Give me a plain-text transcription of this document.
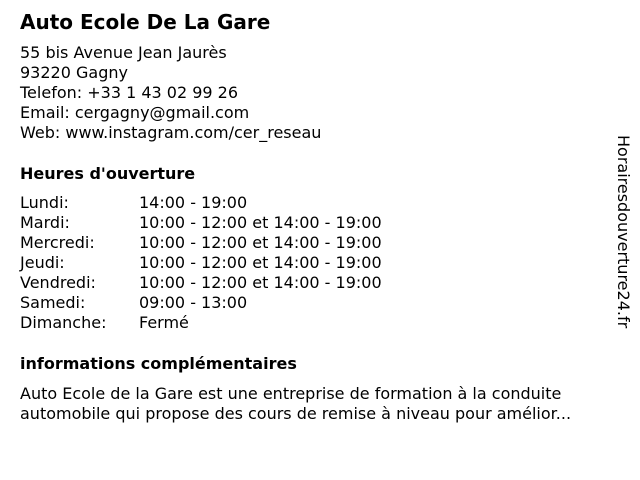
Auto Ecole De La Gare
55 bis Avenue Jean Jaurès
93220 Gagny
Telefon: +33 1 43 02 99 26
Email: cergagny@gmail.com
Web: www.instagram.com/cer_reseau
Heures d'ouverture
Lundi:	14:00 - 19:00
Mardi:	10:00 - 12:00 et 14:00 - 19:00
Mercredi:	10:00 - 12:00 et 14:00 - 19:00
Jeudi:	10:00 - 12:00 et 14:00 - 19:00
Vendredi:	10:00 - 12:00 et 14:00 - 19:00
Samedi:	09:00 - 13:00
Dimanche:	Fermé
informations complémentaires
Auto Ecole de la Gare est une entreprise de formation à la conduite
automobile qui propose des cours de remise à niveau pour amélior...
Horairesdouverture24.fr
